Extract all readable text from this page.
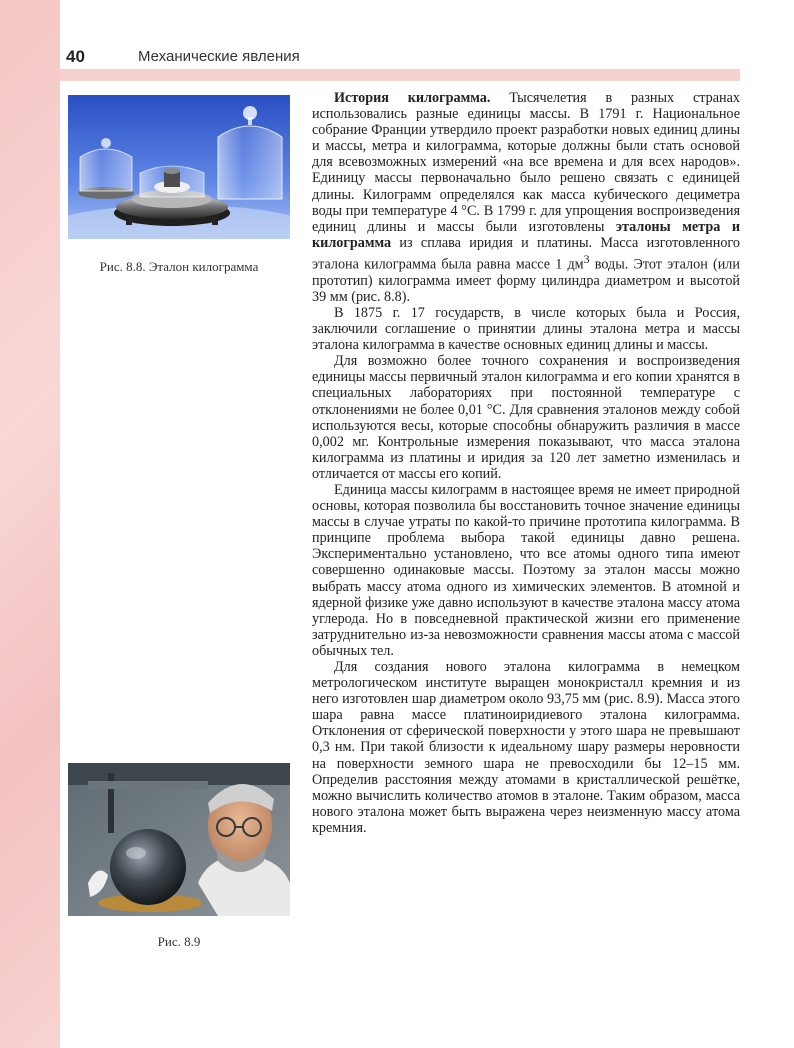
40	Механические явления
Рис. 8.8. Эталон килограмма
Рис. 8.9

История килограмма. Тысячелетия в разных странах использовались разные единицы массы. В 1791 г. Национальное собрание Франции утвердило проект разработки новых единиц длины и массы, метра и килограмма, которые должны были стать основой для всевозможных измерений «на все времена и для всех народов». Единицу массы первоначально было решено связать с единицей длины. Килограмм определялся как масса кубического дециметра воды при температуре 4 °С. В 1799 г. для упрощения воспроизведения единиц длины и массы были изготовлены эталоны метра и килограмма из сплава иридия и платины. Масса изготовленного эталона килограмма была равна массе 1 $дм^3$ воды. Этот эталон (или прототип) килограмма имеет форму цилиндра диаметром и высотой 39 мм (рис. 8.8).

В 1875 г. 17 государств, в числе которых была и Россия, заключили соглашение о принятии длины эталона метра и массы эталона килограмма в качестве основных единиц длины и массы.

Для возможно более точного сохранения и воспроизведения единицы массы первичный эталон килограмма и его копии хранятся в специальных лабораториях при постоянной температуре с отклонениями не более 0,01 °С. Для сравнения эталонов между собой используются весы, которые способны обнаружить различия в массе 0,002 мг. Контрольные измерения показывают, что масса эталона килограмма из платины и иридия за 120 лет заметно изменилась и отличается от массы его копий.

Единица массы килограмм в настоящее время не имеет природной основы, которая позволила бы восстановить точное значение единицы массы в случае утраты по какой-то причине прототипа килограмма. В принципе проблема выбора такой единицы давно решена. Экспериментально установлено, что все атомы одного типа имеют совершенно одинаковые массы. Поэтому за эталон массы можно выбрать массу атома одного из химических элементов. В атомной и ядерной физике уже давно используют в качестве эталона массу атома углерода. Но в повседневной практической жизни его применение затруднительно из-за невозможности сравнения массы атома с массой обычных тел.

Для создания нового эталона килограмма в немецком метрологическом институте выращен монокристалл кремния и из него изготовлен шар диаметром около 93,75 мм (рис. 8.9). Масса этого шара равна массе платиноиридиевого эталона килограмма. Отклонения от сферической поверхности у этого шара не превышают 0,3 нм. При такой близости к идеальному шару размеры неровности на поверхности земного шара не превосходили бы 12–15 мм. Определив расстояния между атомами в кристаллической решётке, можно вычислить количество атомов в эталоне. Таким образом, масса нового эталона может быть выражена через неизменную массу атома кремния.
